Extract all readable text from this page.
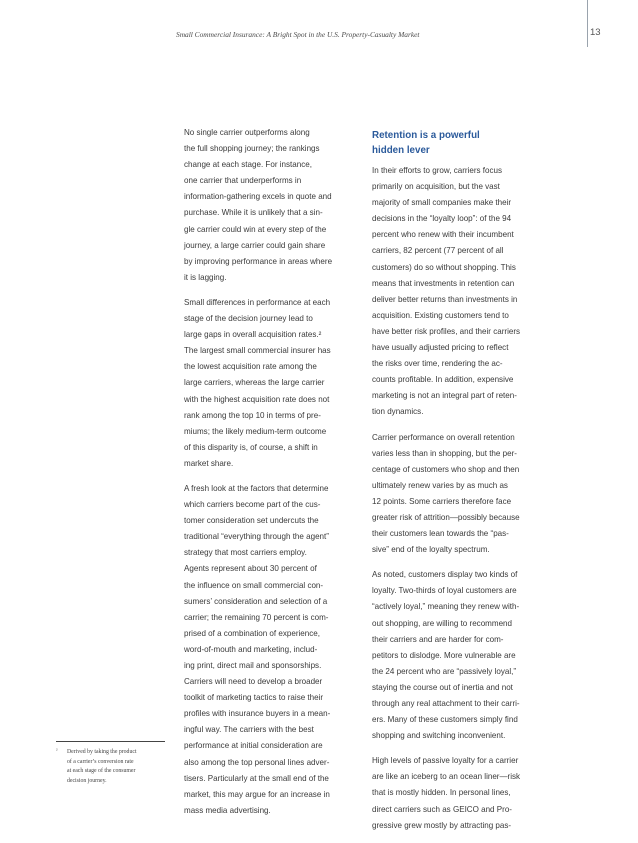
Small Commercial Insurance: A Bright Spot in the U.S. Property-Casualty Market	13

No single carrier outperforms along
the full shopping journey; the rankings
change at each stage. For instance,
one carrier that underperforms in
information-gathering excels in quote and
purchase. While it is unlikely that a sin-
gle carrier could win at every step of the
journey, a large carrier could gain share
by improving performance in areas where
it is lagging.

Small differences in performance at each
stage of the decision journey lead to
large gaps in overall acquisition rates.²
The largest small commercial insurer has
the lowest acquisition rate among the
large carriers, whereas the large carrier
with the highest acquisition rate does not
rank among the top 10 in terms of pre-
miums; the likely medium-term outcome
of this disparity is, of course, a shift in
market share.

A fresh look at the factors that determine
which carriers become part of the cus-
tomer consideration set undercuts the
traditional “everything through the agent”
strategy that most carriers employ.
Agents represent about 30 percent of
the influence on small commercial con-
sumers’ consideration and selection of a
carrier; the remaining 70 percent is com-
prised of a combination of experience,
word-of-mouth and marketing, includ-
ing print, direct mail and sponsorships.
Carriers will need to develop a broader
toolkit of marketing tactics to raise their
profiles with insurance buyers in a mean-
ingful way. The carriers with the best
performance at initial consideration are
also among the top personal lines adver-
tisers. Particularly at the small end of the
market, this may argue for an increase in
mass media advertising.

Retention is a powerful
hidden lever

In their efforts to grow, carriers focus
primarily on acquisition, but the vast
majority of small companies make their
decisions in the “loyalty loop”: of the 94
percent who renew with their incumbent
carriers, 82 percent (77 percent of all
customers) do so without shopping. This
means that investments in retention can
deliver better returns than investments in
acquisition. Existing customers tend to
have better risk profiles, and their carriers
have usually adjusted pricing to reflect
the risks over time, rendering the ac-
counts profitable. In addition, expensive
marketing is not an integral part of reten-
tion dynamics.

Carrier performance on overall retention
varies less than in shopping, but the per-
centage of customers who shop and then
ultimately renew varies by as much as
12 points. Some carriers therefore face
greater risk of attrition—possibly because
their customers lean towards the “pas-
sive” end of the loyalty spectrum.

As noted, customers display two kinds of
loyalty. Two-thirds of loyal customers are
“actively loyal,” meaning they renew with-
out shopping, are willing to recommend
their carriers and are harder for com-
petitors to dislodge. More vulnerable are
the 24 percent who are “passively loyal,”
staying the course out of inertia and not
through any real attachment to their carri-
ers. Many of these customers simply find
shopping and switching inconvenient.

High levels of passive loyalty for a carrier
are like an iceberg to an ocean liner—risk
that is mostly hidden. In personal lines,
direct carriers such as GEICO and Pro-
gressive grew mostly by attracting pas-

²	Derived by taking the product
of a carrier’s conversion rate
at each stage of the consumer
decision journey.
